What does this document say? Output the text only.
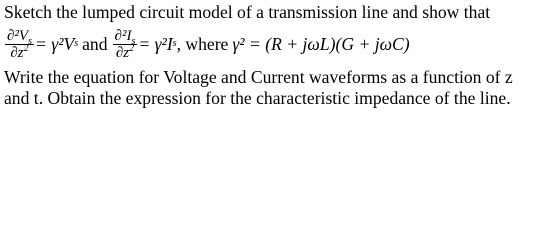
Sketch the lumped circuit model of a transmission line and show that
$\frac{\partial^2V_s}{\partial z^2} = \gamma^2V$ s and $\frac{\partial^2I_s}{\partial z^2} = \gamma^2I$ s , where γ² = (R + jωL)(G + jωC)
Write the equation for Voltage and Current waveforms as a function of z
and t. Obtain the expression for the characteristic impedance of the line.
